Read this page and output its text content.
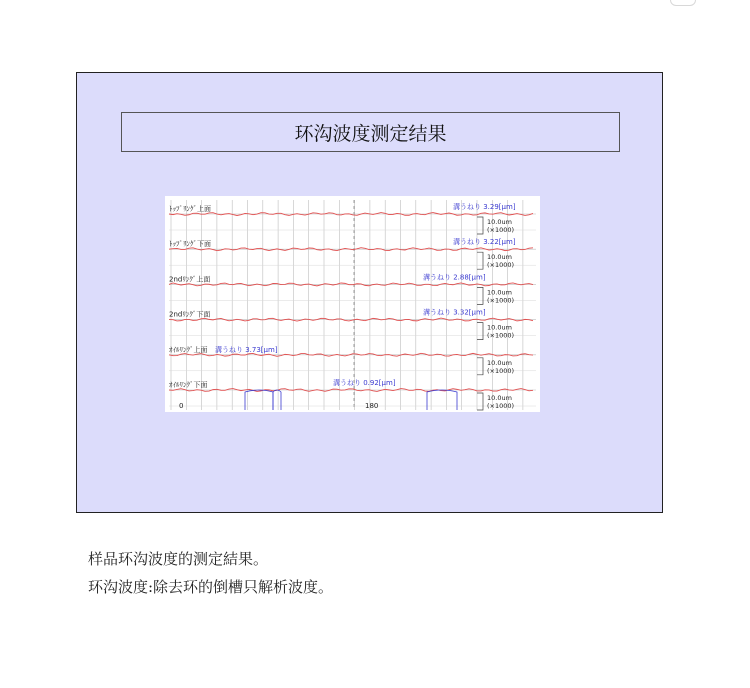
环沟波度测定结果
ﾄｯﾌﾟﾘﾝｸﾞ上面	溝うねり 3.29[μm]
10.0um
(×1000)
ﾄｯﾌﾟﾘﾝｸﾞ下面	溝うねり 3.22[μm]
10.0um
(×1000)
2ndﾘﾝｸﾞ上面	溝うねり 2.88[μm]
10.0um
(×1000)
2ndﾘﾝｸﾞ下面	溝うねり 3.32[μm]
10.0um
(×1000)
ｵｲﾙﾘﾝｸﾞ上面 溝うねり 3.73[μm]
10.0um
(×1000)
ｵｲﾙﾘﾝｸﾞ下面	溝うねり 0.92[μm]
10.0um
(×1000)
0	180
样品环沟波度的测定結果。
环沟波度:除去环的倒槽只解析波度。
